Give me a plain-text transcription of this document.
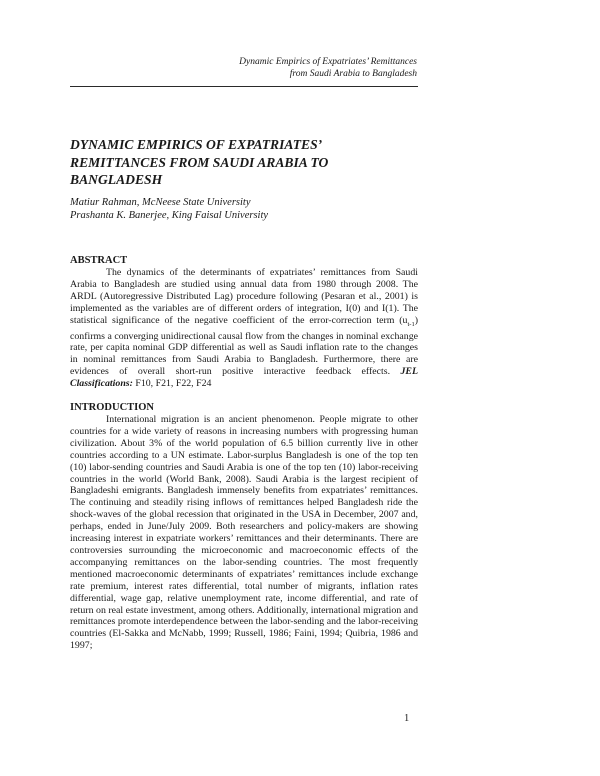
Dynamic Empirics of Expatriates’ Remittances
from Saudi Arabia to Bangladesh
DYNAMIC EMPIRICS OF EXPATRIATES’
REMITTANCES FROM SAUDI ARABIA TO
BANGLADESH
Matiur Rahman, McNeese State University
Prashanta K. Banerjee, King Faisal University
ABSTRACT
The dynamics of the determinants of expatriates’ remittances from Saudi Arabia to Bangladesh are studied using annual data from 1980 through 2008. The ARDL (Autoregressive Distributed Lag) procedure following (Pesaran et al., 2001) is implemented as the variables are of different orders of integration, I(0) and I(1). The statistical significance of the negative coefficient of the error-correction term $(u_{t-1})$ confirms a converging unidirectional causal flow from the changes in nominal exchange rate, per capita nominal GDP differential as well as Saudi inflation rate to the changes in nominal remittances from Saudi Arabia to Bangladesh. Furthermore, there are evidences of overall short-run positive interactive feedback effects. JEL Classifications: F10, F21, F22, F24
INTRODUCTION
International migration is an ancient phenomenon. People migrate to other countries for a wide variety of reasons in increasing numbers with progressing human civilization. About 3% of the world population of 6.5 billion currently live in other countries according to a UN estimate. Labor-surplus Bangladesh is one of the top ten (10) labor-sending countries and Saudi Arabia is one of the top ten (10) labor-receiving countries in the world (World Bank, 2008). Saudi Arabia is the largest recipient of Bangladeshi emigrants. Bangladesh immensely benefits from expatriates’ remittances. The continuing and steadily rising inflows of remittances helped Bangladesh ride the shock-waves of the global recession that originated in the USA in December, 2007 and, perhaps, ended in June/July 2009. Both researchers and policy-makers are showing increasing interest in expatriate workers’ remittances and their determinants. There are controversies surrounding the microeconomic and macroeconomic effects of the accompanying remittances on the labor-sending countries. The most frequently mentioned macroeconomic determinants of expatriates’ remittances include exchange rate premium, interest rates differential, total number of migrants, inflation rates differential, wage gap, relative unemployment rate, income differential, and rate of return on real estate investment, among others. Additionally, international migration and remittances promote interdependence between the labor-sending and the labor-receiving countries (El-Sakka and McNabb, 1999; Russell, 1986; Faini, 1994; Quibria, 1986 and 1997;
1
